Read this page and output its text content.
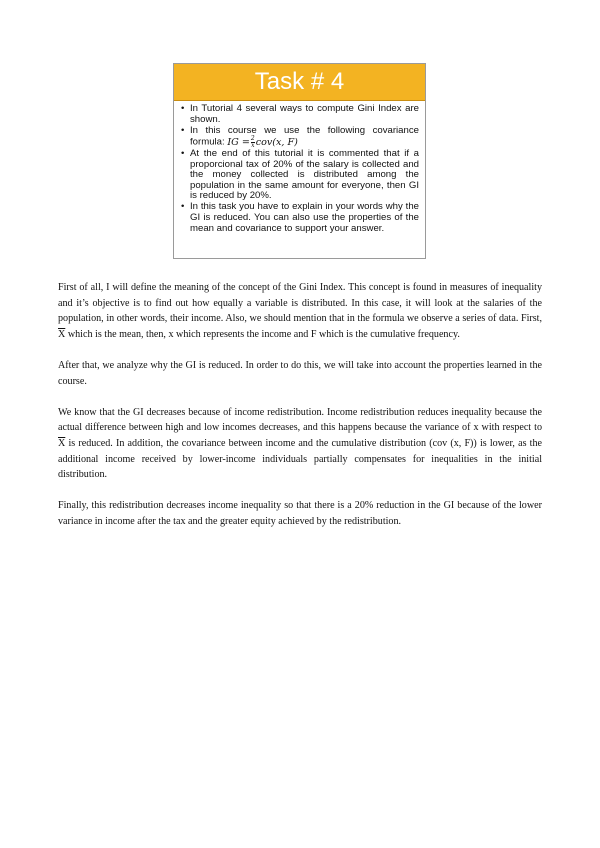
Task # 4
• In Tutorial 4 several ways to compute Gini Index are shown.
• In this course we use the following covariance formula: IG = $\frac{2}{x̄} cov(x$, F)
• At the end of this tutorial it is commented that if a proporcional tax of 20% of the salary is collected and the money collected is distributed among the population in the same amount for everyone, then GI is reduced by 20%.
• In this task you have to explain in your words why the GI is reduced. You can also use the properties of the mean and covariance to support your answer.

First of all, I will define the meaning of the concept of the Gini Index. This concept is found in measures of inequality and it’s objective is to find out how equally a variable is distributed. In this case, it will look at the salaries of the population, in other words, their income. Also, we should mention that in the formula we observe a series of data. First, $\overline{X}$ which is the mean, then, x which represents the income and F which is the cumulative frequency.

After that, we analyze why the GI is reduced. In order to do this, we will take into account the properties learned in the course.

We know that the GI decreases because of income redistribution. Income redistribution reduces inequality because the actual difference between high and low incomes decreases, and this happens because the variance of x with respect to $\overline{X}$ is reduced. In addition, the covariance between income and the cumulative distribution (cov (x, F)) is lower, as the additional income received by lower-income individuals partially compensates for inequalities in the initial distribution.

Finally, this redistribution decreases income inequality so that there is a 20% reduction in the GI because of the lower variance in income after the tax and the greater equity achieved by the redistribution.
